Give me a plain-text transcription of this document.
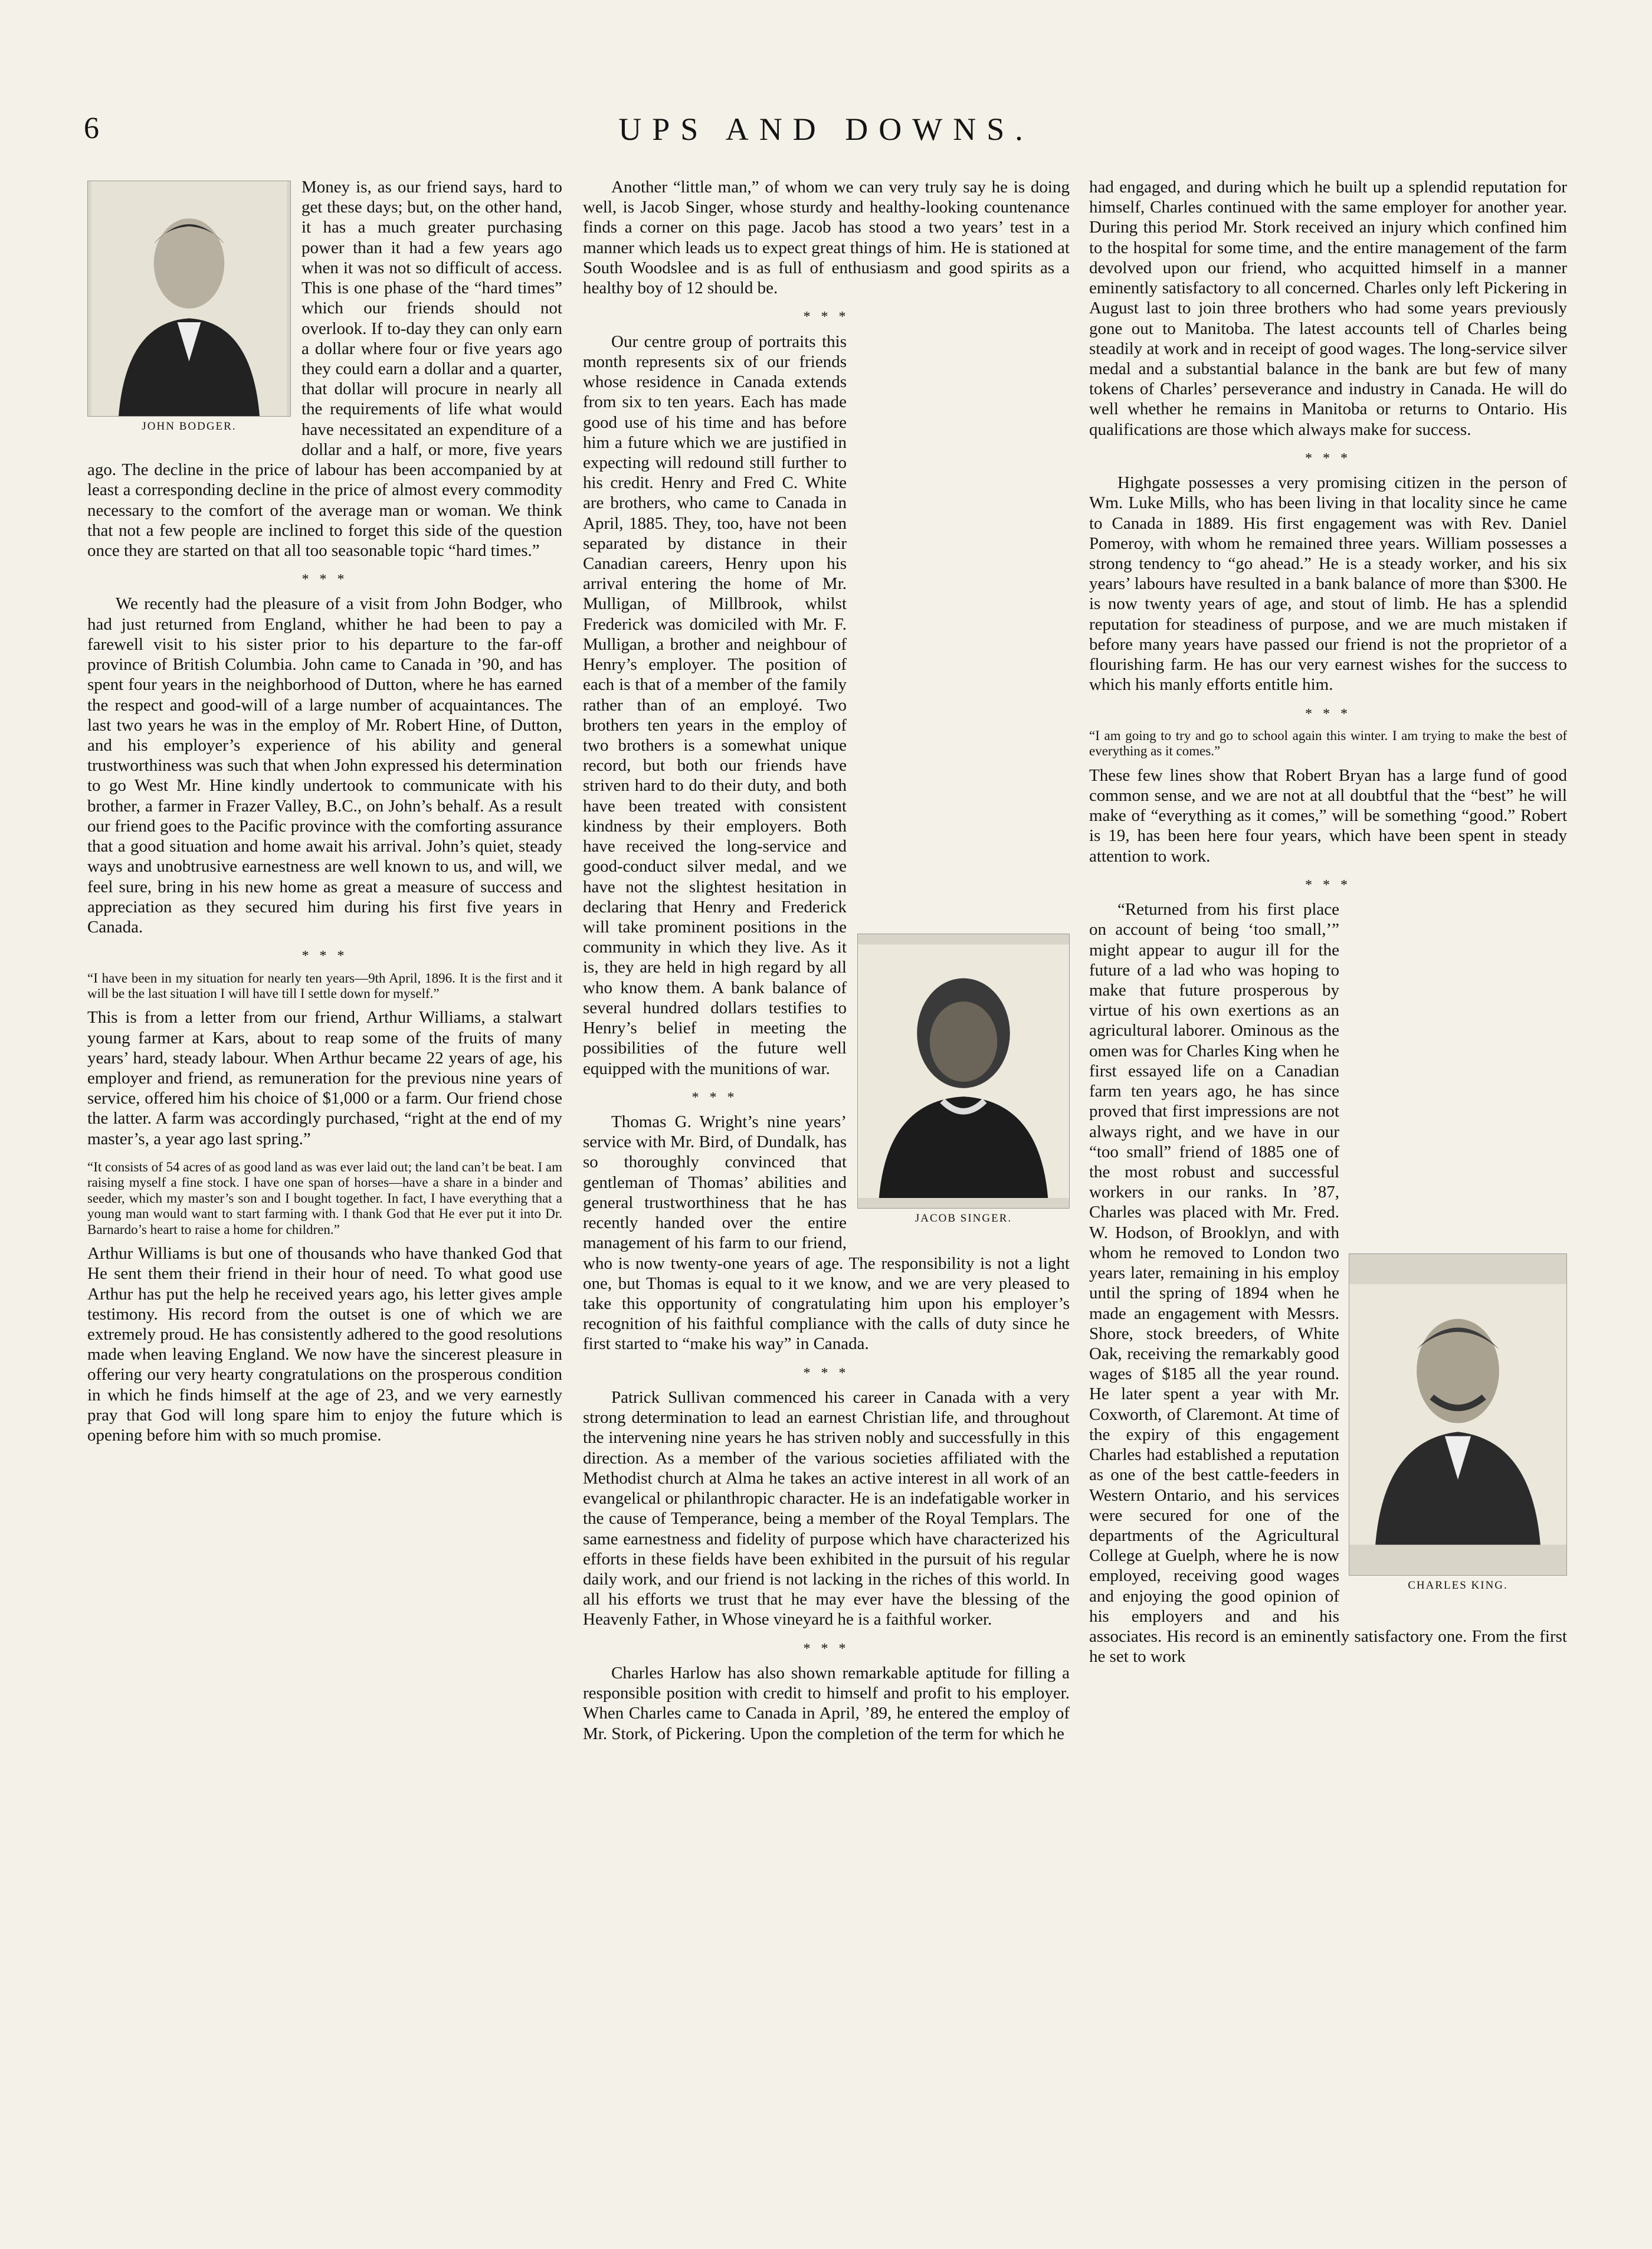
6	UPS AND DOWNS.
JOHN BODGER.

Money is, as our friend says, hard to get these days; but, on the other hand, it has a much greater purchasing power than it had a few years ago when it was not so difficult of access. This is one phase of the “hard times” which our friends should not overlook. If to-day they can only earn a dollar where four or five years ago they could earn a dollar and a quarter, that dollar will procure in nearly all the requirements of life what would have necessitated an expenditure of a dollar and a half, or more, five years ago. The decline in the price of labour has been accompanied by at least a corresponding decline in the price of almost every commodity necessary to the comfort of the average man or woman. We think that not a few people are inclined to forget this side of the question once they are started on that all too seasonable topic “hard times.”

* * *

We recently had the pleasure of a visit from John Bodger, who had just returned from England, whither he had been to pay a farewell visit to his sister prior to his departure to the far-off province of British Columbia. John came to Canada in ’90, and has spent four years in the neighborhood of Dutton, where he has earned the respect and good-will of a large number of acquaintances. The last two years he was in the employ of Mr. Robert Hine, of Dutton, and his employer’s experience of his ability and general trustworthiness was such that when John expressed his determination to go West Mr. Hine kindly undertook to communicate with his brother, a farmer in Frazer Valley, B.C., on John’s behalf. As a result our friend goes to the Pacific province with the comforting assurance that a good situation and home await his arrival. John’s quiet, steady ways and unobtrusive earnestness are well known to us, and will, we feel sure, bring in his new home as great a measure of success and appreciation as they secured him during his first five years in Canada.

* * *

“I have been in my situation for nearly ten years—9th April, 1896. It is the first and it will be the last situation I will have till I settle down for myself.”

This is from a letter from our friend, Arthur Williams, a stalwart young farmer at Kars, about to reap some of the fruits of many years’ hard, steady labour. When Arthur became 22 years of age, his employer and friend, as remuneration for the previous nine years of service, offered him his choice of $1,000 or a farm. Our friend chose the latter. A farm was accordingly purchased, “right at the end of my master’s, a year ago last spring.”

“It consists of 54 acres of as good land as was ever laid out; the land can’t be beat. I am raising myself a fine stock. I have one span of horses—have a share in a binder and seeder, which my master’s son and I bought together. In fact, I have everything that a young man would want to start farming with. I thank God that He ever put it into Dr. Barnardo’s heart to raise a home for children.”

Arthur Williams is but one of thousands who have thanked God that He sent them their friend in their hour of need. To what good use Arthur has put the help he received years ago, his letter gives ample testimony. His record from the outset is one of which we are extremely proud. He has consistently adhered to the good resolutions made when leaving England. We now have the sincerest pleasure in offering our very hearty congratulations on the prosperous condition in which he finds himself at the age of 23, and we very earnestly pray that God will long spare him to enjoy the future which is opening before him with so much promise.

Another “little man,” of whom we can very truly say he is doing well, is Jacob Singer, whose sturdy and healthy-looking countenance finds a corner on this page. Jacob has stood a two years’ test in a manner which leads us to expect great things of him. He is stationed at South Woodslee and is as full of enthusiasm and good spirits as a healthy boy of 12 should be.

* * *
JACOB SINGER.

Our centre group of portraits this month represents six of our friends whose residence in Canada extends from six to ten years. Each has made good use of his time and has before him a future which we are justified in expecting will redound still further to his credit. Henry and Fred C. White are brothers, who came to Canada in April, 1885. They, too, have not been separated by distance in their Canadian careers, Henry upon his arrival entering the home of Mr. Mulligan, of Millbrook, whilst Frederick was domiciled with Mr. F. Mulligan, a brother and neighbour of Henry’s employer. The position of each is that of a member of the family rather than of an employé. Two brothers ten years in the employ of two brothers is a somewhat unique record, but both our friends have striven hard to do their duty, and both have been treated with consistent kindness by their employers. Both have received the long-service and good-conduct silver medal, and we have not the slightest hesitation in declaring that Henry and Frederick will take prominent positions in the community in which they live. As it is, they are held in high regard by all who know them. A bank balance of several hundred dollars testifies to Henry’s belief in meeting the possibilities of the future well equipped with the munitions of war.

* * *

Thomas G. Wright’s nine years’ service with Mr. Bird, of Dundalk, has so thoroughly convinced that gentleman of Thomas’ abilities and general trustworthiness that he has recently handed over the entire management of his farm to our friend, who is now twenty-one years of age. The responsibility is not a light one, but Thomas is equal to it we know, and we are very pleased to take this opportunity of congratulating him upon his employer’s recognition of his faithful compliance with the calls of duty since he first started to “make his way” in Canada.

* * *

Patrick Sullivan commenced his career in Canada with a very strong determination to lead an earnest Christian life, and throughout the intervening nine years he has striven nobly and successfully in this direction. As a member of the various societies affiliated with the Methodist church at Alma he takes an active interest in all work of an evangelical or philanthropic character. He is an indefatigable worker in the cause of Temperance, being a member of the Royal Templars. The same earnestness and fidelity of purpose which have characterized his efforts in these fields have been exhibited in the pursuit of his regular daily work, and our friend is not lacking in the riches of this world. In all his efforts we trust that he may ever have the blessing of the Heavenly Father, in Whose vineyard he is a faithful worker.

* * *

Charles Harlow has also shown remarkable aptitude for filling a responsible position with credit to himself and profit to his employer. When Charles came to Canada in April, ’89, he entered the employ of Mr. Stork, of Pickering. Upon the completion of the term for which he

had engaged, and during which he built up a splendid reputation for himself, Charles continued with the same employer for another year. During this period Mr. Stork received an injury which confined him to the hospital for some time, and the entire management of the farm devolved upon our friend, who acquitted himself in a manner eminently satisfactory to all concerned. Charles only left Pickering in August last to join three brothers who had some years previously gone out to Manitoba. The latest accounts tell of Charles being steadily at work and in receipt of good wages. The long-service silver medal and a substantial balance in the bank are but few of many tokens of Charles’ perseverance and industry in Canada. He will do well whether he remains in Manitoba or returns to Ontario. His qualifications are those which always make for success.

* * *

Highgate possesses a very promising citizen in the person of Wm. Luke Mills, who has been living in that locality since he came to Canada in 1889. His first engagement was with Rev. Daniel Pomeroy, with whom he remained three years. William possesses a strong tendency to “go ahead.” He is a steady worker, and his six years’ labours have resulted in a bank balance of more than $300. He is now twenty years of age, and stout of limb. He has a splendid reputation for steadiness of purpose, and we are much mistaken if before many years have passed our friend is not the proprietor of a flourishing farm. He has our very earnest wishes for the success to which his manly efforts entitle him.

* * *

“I am going to try and go to school again this winter. I am trying to make the best of everything as it comes.”

These few lines show that Robert Bryan has a large fund of good common sense, and we are not at all doubtful that the “best” he will make of “everything as it comes,” will be something “good.” Robert is 19, has been here four years, which have been spent in steady attention to work.

* * *
CHARLES KING.

“Returned from his first place on account of being ‘too small,’” might appear to augur ill for the future of a lad who was hoping to make that future prosperous by virtue of his own exertions as an agricultural laborer. Ominous as the omen was for Charles King when he first essayed life on a Canadian farm ten years ago, he has since proved that first impressions are not always right, and we have in our “too small” friend of 1885 one of the most robust and successful workers in our ranks. In ’87, Charles was placed with Mr. Fred. W. Hodson, of Brooklyn, and with whom he removed to London two years later, remaining in his employ until the spring of 1894 when he made an engagement with Messrs. Shore, stock breeders, of White Oak, receiving the remarkably good wages of $185 all the year round. He later spent a year with Mr. Coxworth, of Claremont. At time of the expiry of this engagement Charles had established a reputation as one of the best cattle-feeders in Western Ontario, and his services were secured for one of the departments of the Agricultural College at Guelph, where he is now employed, receiving good wages and enjoying the good opinion of his employers and and his associates. His record is an eminently satisfactory one. From the first he set to work
